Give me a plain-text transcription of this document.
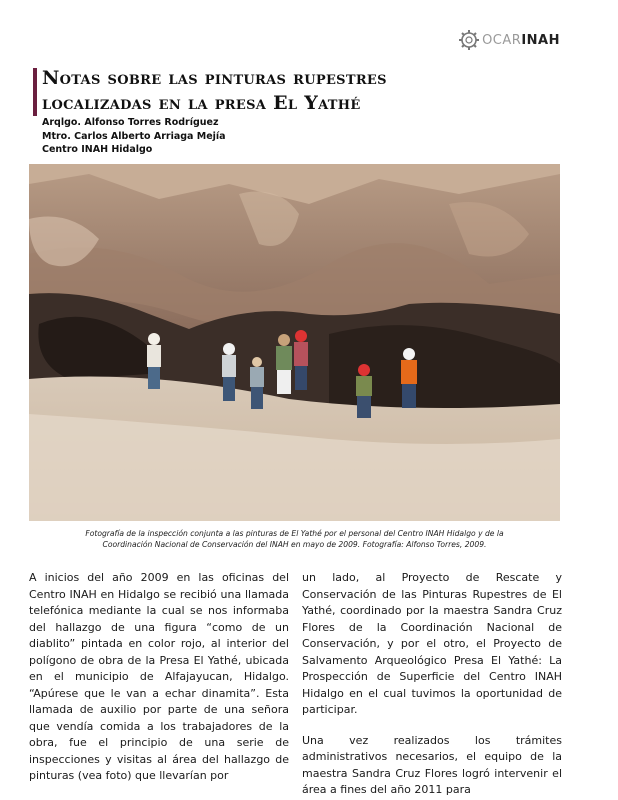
OCARINAH
Notas sobre las pinturas rupestres
localizadas en la presa El Yathé
Arqlgo. Alfonso Torres Rodríguez
Mtro. Carlos Alberto Arriaga Mejía
Centro INAH Hidalgo
Fotografía de la inspección conjunta a las pinturas de El Yathé por el personal del Centro INAH Hidalgo y de la
Coordinación Nacional de Conservación del INAH en mayo de 2009. Fotografía: Alfonso Torres, 2009.

A inicios del año 2009 en las oficinas del Centro INAH en Hidalgo se recibió una llamada telefónica mediante la cual se nos informaba del hallazgo de una figura “como de un diablito” pintada en color rojo, al interior del polígono de obra de la Presa El Yathé, ubicada en el municipio de Alfajayucan, Hidalgo. “Apúrese que le van a echar dinamita”. Esta llamada de auxilio por parte de una señora que vendía comida a los trabajadores de la obra, fue el principio de una serie de inspecciones y visitas al área del hallazgo de pinturas (vea foto) que llevarían por

un lado, al Proyecto de Rescate y Conservación de las Pinturas Rupestres de El Yathé, coordinado por la maestra Sandra Cruz Flores de la Coordinación Nacional de Conservación, y por el otro, el Proyecto de Salvamento Arqueológico Presa El Yathé: La Prospección de Superficie del Centro INAH Hidalgo en el cual tuvimos la oportunidad de participar.

Una vez realizados los trámites administrativos necesarios, el equipo de la maestra Sandra Cruz Flores logró intervenir el área a fines del año 2011 para
